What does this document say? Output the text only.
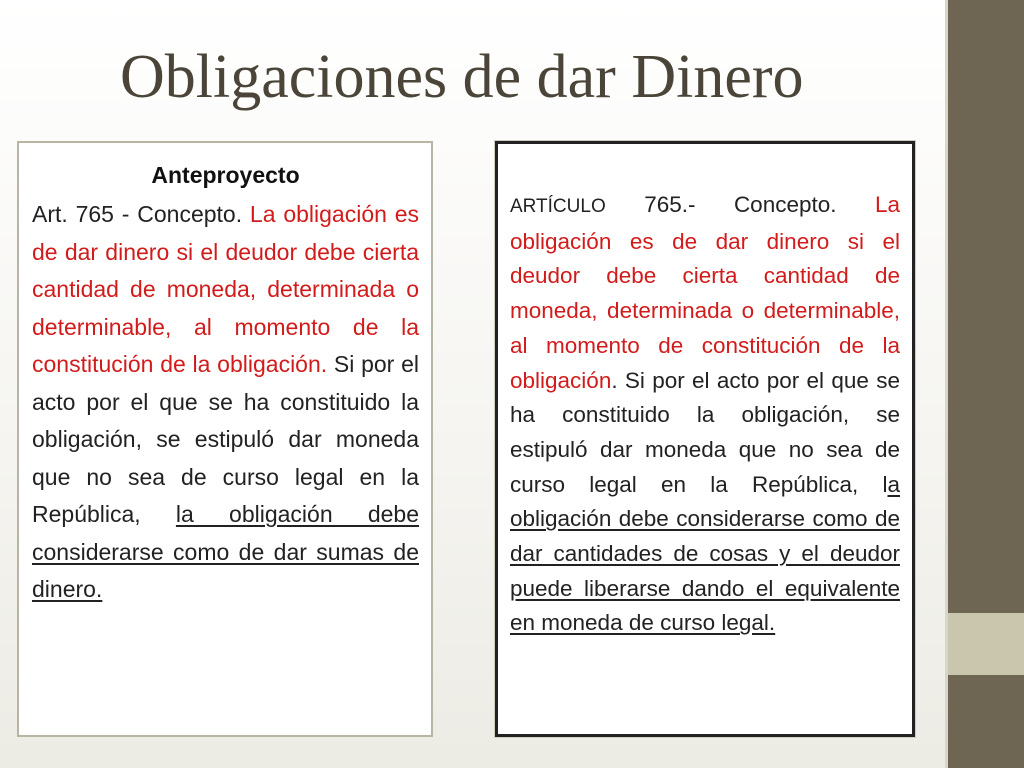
Obligaciones de dar Dinero
Anteproyecto

Art. 765 - Concepto. La obligación es de dar dinero si el deudor debe cierta cantidad de moneda, determinada o determinable, al momento de la constitución de la obligación. Si por el acto por el que se ha constituido la obligación, se estipuló dar moneda que no sea de curso legal en la República, la obligación debe considerarse como de dar sumas de dinero.

ARTÍCULO 765.- Concepto. La obligación es de dar dinero si el deudor debe cierta cantidad de moneda, determinada o determinable, al momento de constitución de la obligación. Si por el acto por el que se ha constituido la obligación, se estipuló dar moneda que no sea de curso legal en la República, la obligación debe considerarse como de dar cantidades de cosas y el deudor puede liberarse dando el equivalente en moneda de curso legal.
